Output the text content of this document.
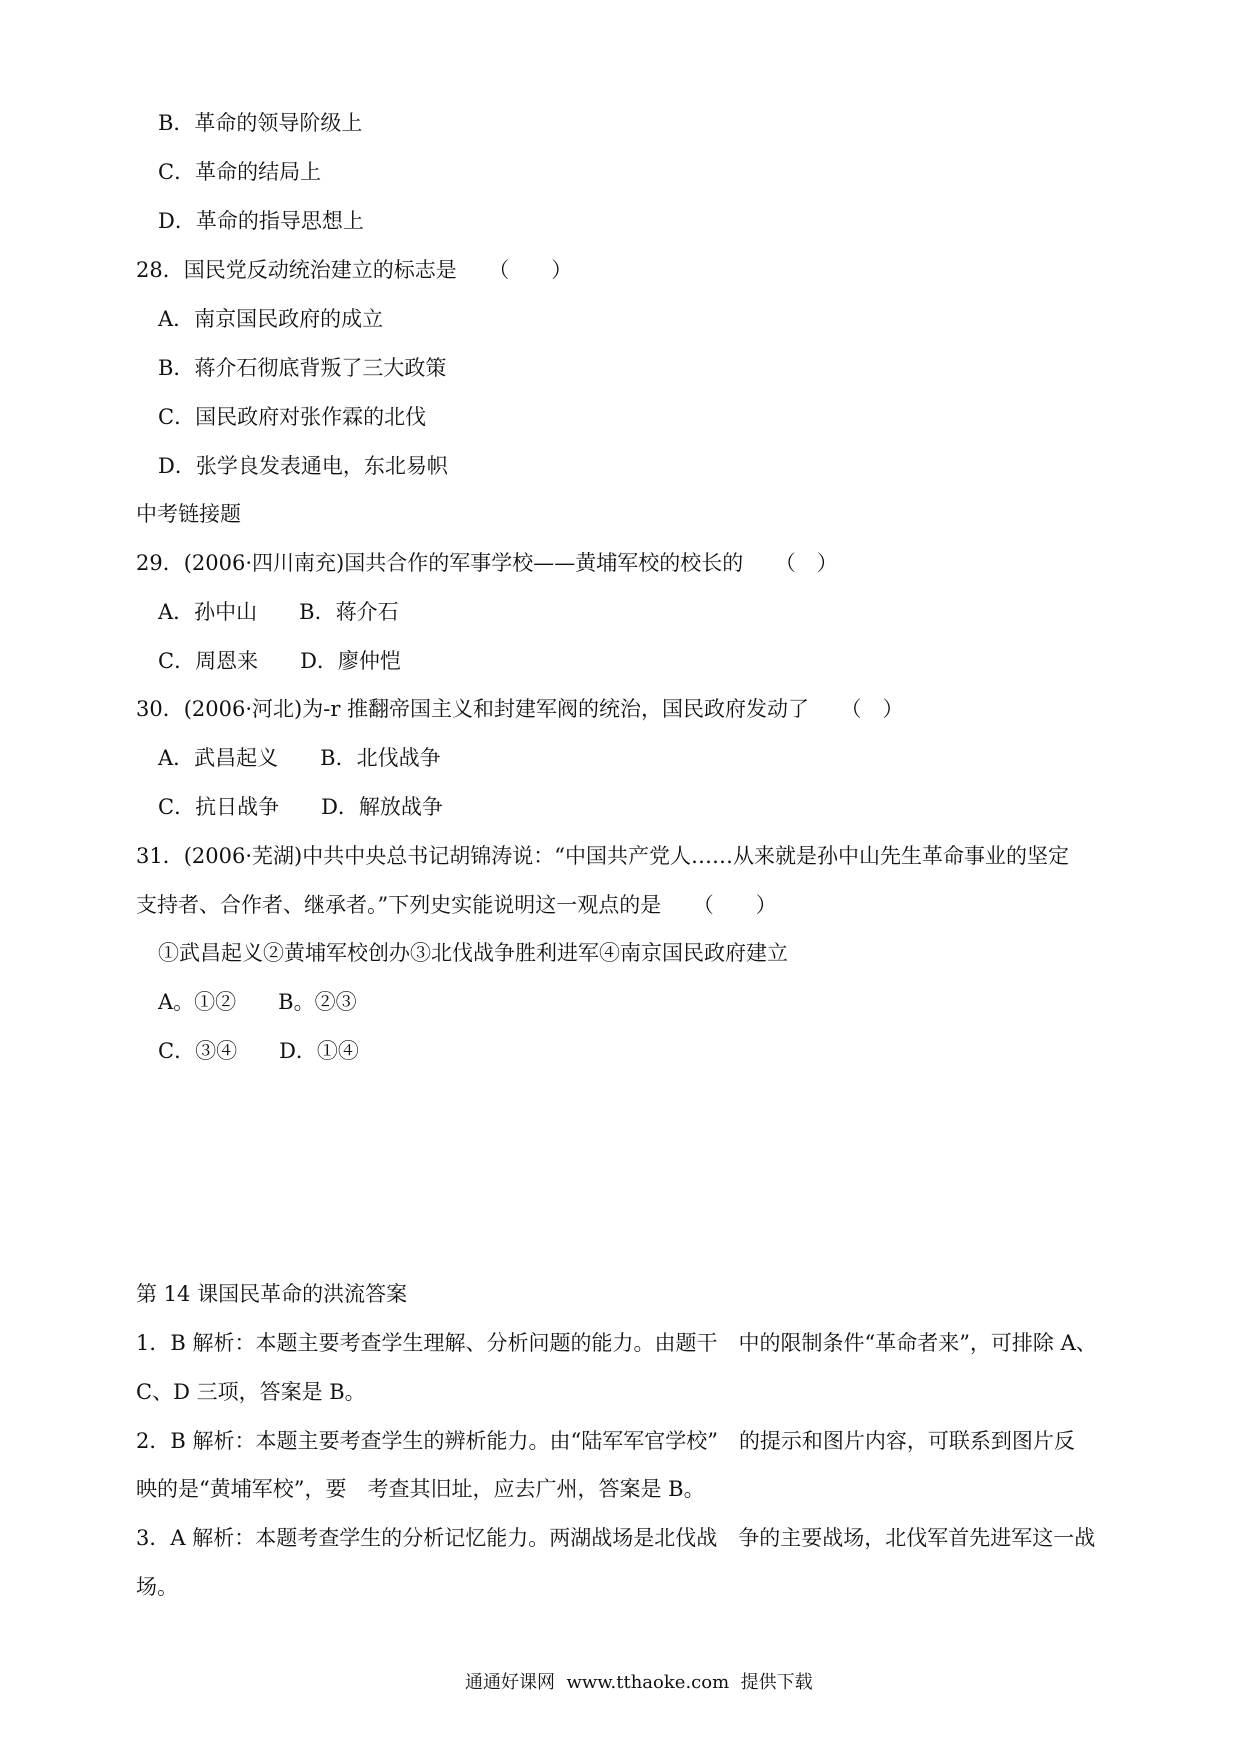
B．革命的领导阶级上
C．革命的结局上
D．革命的指导思想上
28．国民党反动统治建立的标志是　　（　　）
A．南京国民政府的成立
B．蒋介石彻底背叛了三大政策
C．国民政府对张作霖的北伐
D．张学良发表通电，东北易帜
中考链接题
29．(2006·四川南充)国共合作的军事学校——黄埔军校的校长的　　（　）
A．孙中山　　B．蒋介石
C．周恩来　　D．廖仲恺
30．(2006·河北)为-r 推翻帝国主义和封建军阀的统治，国民政府发动了　　（　）
A．武昌起义　　B．北伐战争
C．抗日战争　　D．解放战争
31．(2006·芜湖)中共中央总书记胡锦涛说：“中国共产党人……从来就是孙中山先生革命事业的坚定
支持者、合作者、继承者。”下列史实能说明这一观点的是　　（　　）
①武昌起义②黄埔军校创办③北伐战争胜利进军④南京国民政府建立
A。①②　　B。②③
C．③④　　D．①④
第 14 课国民革命的洪流答案
1．B 解析：本题主要考查学生理解、分析问题的能力。由题干　中的限制条件“革命者来”，可排除 A、
C、D 三项，答案是 B。
2．B 解析：本题主要考查学生的辨析能力。由“陆军军官学校”　的提示和图片内容，可联系到图片反
映的是“黄埔军校”，要　考查其旧址，应去广州，答案是 B。
3．A 解析：本题考查学生的分析记忆能力。两湖战场是北伐战　争的主要战场，北伐军首先进军这一战
场。
通通好课网  www.tthaoke.com  提供下载
